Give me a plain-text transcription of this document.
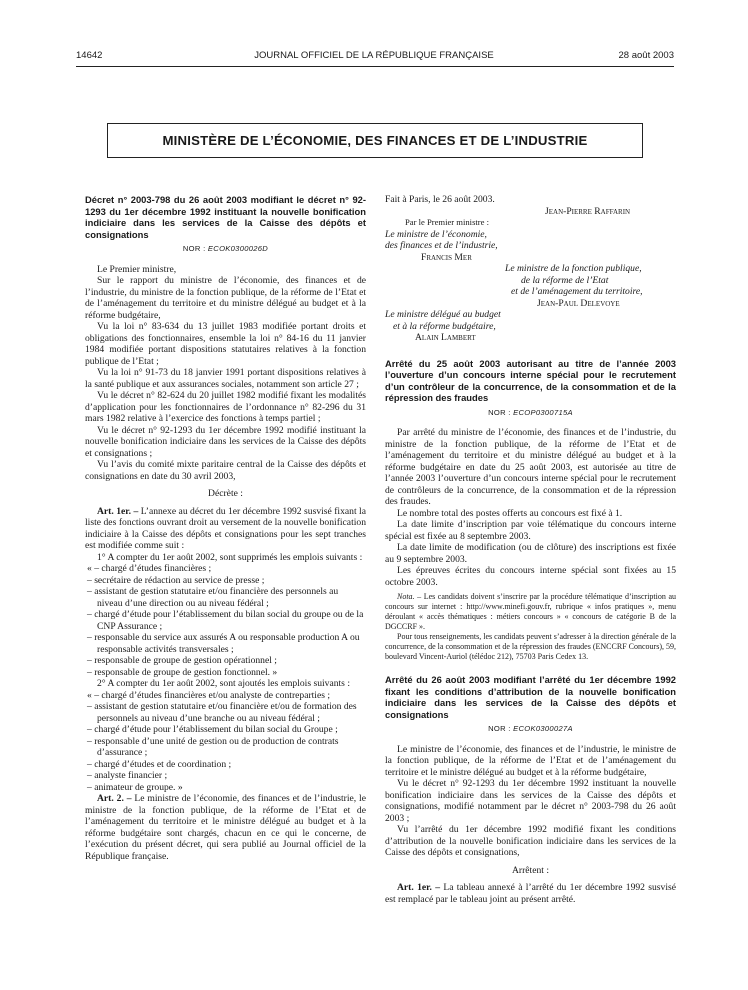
14642	JOURNAL OFFICIEL DE LA RÉPUBLIQUE FRANÇAISE	28 août 2003
MINISTÈRE DE L’ÉCONOMIE, DES FINANCES ET DE L’INDUSTRIE
Décret n° 2003-798 du 26 août 2003 modifiant le décret n° 92-1293 du 1er décembre 1992 instituant la nouvelle bonification indiciaire dans les services de la Caisse des dépôts et consignations
NOR : ECOK0300026D

Le Premier ministre,

Sur le rapport du ministre de l’économie, des finances et de l’industrie, du ministre de la fonction publique, de la réforme de l’Etat et de l’aménagement du territoire et du ministre délégué au budget et à la réforme budgétaire,

Vu la loi n° 83-634 du 13 juillet 1983 modifiée portant droits et obligations des fonctionnaires, ensemble la loi n° 84-16 du 11 janvier 1984 modifiée portant dispositions statutaires relatives à la fonction publique de l’Etat ;

Vu la loi n° 91-73 du 18 janvier 1991 portant dispositions relatives à la santé publique et aux assurances sociales, notamment son article 27 ;

Vu le décret n° 82-624 du 20 juillet 1982 modifié fixant les modalités d’application pour les fonctionnaires de l’ordonnance n° 82-296 du 31 mars 1982 relative à l’exercice des fonctions à temps partiel ;

Vu le décret n° 92-1293 du 1er décembre 1992 modifié instituant la nouvelle bonification indiciaire dans les services de la Caisse des dépôts et consignations ;

Vu l’avis du comité mixte paritaire central de la Caisse des dépôts et consignations en date du 30 avril 2003,

Décrète :

Art. 1er. – L’annexe au décret du 1er décembre 1992 susvisé fixant la liste des fonctions ouvrant droit au versement de la nouvelle bonification indiciaire à la Caisse des dépôts et consignations pour les sept tranches est modifiée comme suit :

1° A compter du 1er août 2002, sont supprimés les emplois suivants :

« – chargé d’études financières ;
– secrétaire de rédaction au service de presse ;
– assistant de gestion statutaire et/ou financière des personnels au niveau d’une direction ou au niveau fédéral ;
– chargé d’étude pour l’établissement du bilan social du groupe ou de la CNP Assurance ;
– responsable du service aux assurés A ou responsable production A ou responsable activités transversales ;
– responsable de groupe de gestion opérationnel ;
– responsable de groupe de gestion fonctionnel. »

2° A compter du 1er août 2002, sont ajoutés les emplois suivants :

« – chargé d’études financières et/ou analyste de contreparties ;
– assistant de gestion statutaire et/ou financière et/ou de formation des personnels au niveau d’une branche ou au niveau fédéral ;
– chargé d’étude pour l’établissement du bilan social du Groupe ;
– responsable d’une unité de gestion ou de production de contrats d’assurance ;
– chargé d’études et de coordination ;
– analyste financier ;
– animateur de groupe. »

Art. 2. – Le ministre de l’économie, des finances et de l’industrie, le ministre de la fonction publique, de la réforme de l’Etat et de l’aménagement du territoire et le ministre délégué au budget et à la réforme budgétaire sont chargés, chacun en ce qui le concerne, de l’exécution du présent décret, qui sera publié au Journal officiel de la République française.

Fait à Paris, le 26 août 2003.

Jean-Pierre Raffarin
Par le Premier ministre :
Le ministre de l’économie,
des finances et de l’industrie,
Francis Mer
Le ministre de la fonction publique,
de la réforme de l’Etat
et de l’aménagement du territoire,
Jean-Paul Delevoye
Le ministre délégué au budget
et à la réforme budgétaire,
Alain Lambert
Arrêté du 25 août 2003 autorisant au titre de l’année 2003 l’ouverture d’un concours interne spécial pour le recrutement d’un contrôleur de la concurrence, de la consommation et de la répression des fraudes
NOR : ECOP0300715A

Par arrêté du ministre de l’économie, des finances et de l’industrie, du ministre de la fonction publique, de la réforme de l’Etat et de l’aménagement du territoire et du ministre délégué au budget et à la réforme budgétaire en date du 25 août 2003, est autorisée au titre de l’année 2003 l’ouverture d’un concours interne spécial pour le recrutement de contrôleurs de la concurrence, de la consommation et de la répression des fraudes.

Le nombre total des postes offerts au concours est fixé à 1.

La date limite d’inscription par voie télématique du concours interne spécial est fixée au 8 septembre 2003.

La date limite de modification (ou de clôture) des inscriptions est fixée au 9 septembre 2003.

Les épreuves écrites du concours interne spécial sont fixées au 15 octobre 2003.

Nota. – Les candidats doivent s’inscrire par la procédure télématique d’inscription au concours sur internet : http://www.minefi.gouv.fr, rubrique « infos pratiques », menu déroulant « accès thématiques : métiers concours » « concours de catégorie B de la DGCCRF ».

Pour tous renseignements, les candidats peuvent s’adresser à la direction générale de la concurrence, de la consommation et de la répression des fraudes (ENCCRF Concours), 59, boulevard Vincent-Auriol (télédoc 212), 75703 Paris Cedex 13.

Arrêté du 26 août 2003 modifiant l’arrêté du 1er décembre 1992 fixant les conditions d’attribution de la nouvelle bonification indiciaire dans les services de la Caisse des dépôts et consignations
NOR : ECOK0300027A

Le ministre de l’économie, des finances et de l’industrie, le ministre de la fonction publique, de la réforme de l’Etat et de l’aménagement du territoire et le ministre délégué au budget et à la réforme budgétaire,

Vu le décret n° 92-1293 du 1er décembre 1992 instituant la nouvelle bonification indiciaire dans les services de la Caisse des dépôts et consignations, modifié notamment par le décret n° 2003-798 du 26 août 2003 ;

Vu l’arrêté du 1er décembre 1992 modifié fixant les conditions d’attribution de la nouvelle bonification indiciaire dans les services de la Caisse des dépôts et consignations,

Arrêtent :

Art. 1er. – La tableau annexé à l’arrêté du 1er décembre 1992 susvisé est remplacé par le tableau joint au présent arrêté.
